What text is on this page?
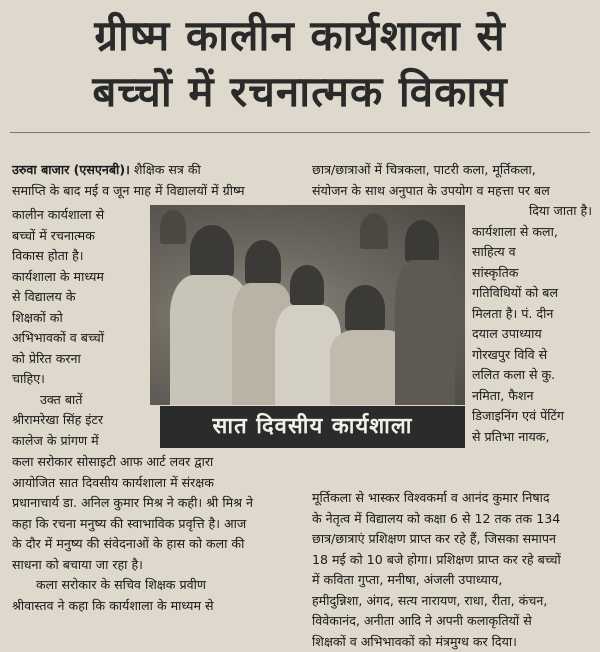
ग्रीष्म कालीन कार्यशाला से
बच्चों में रचनात्मक विकास

उरुवा बाजार (एसएनबी)। शैक्षिक सत्र की

समाप्ति के बाद मई व जून माह में विद्यालयों में ग्रीष्म

कालीन कार्यशाला से

बच्चों में रचनात्मक

विकास होता है।

कार्यशाला के माध्यम

से विद्यालय के

शिक्षकों को

अभिभावकों व बच्चों

को प्रेरित करना

चाहिए।

उक्त बातें

श्रीरामरेखा सिंह इंटर

कालेज के प्रांगण में

कला सरोकार सोसाइटी आफ आर्ट लवर द्वारा

आयोजित सात दिवसीय कार्यशाला में संरक्षक

प्रधानाचार्य डा. अनिल कुमार मिश्र ने कही। श्री मिश्र ने

कहा कि रचना मनुष्य की स्वाभाविक प्रवृत्ति है। आज

के दौर में मनुष्य की संवेदनाओं के हास को कला की

साधना को बचाया जा रहा है।

कला सरोकार के सचिव शिक्षक प्रवीण

श्रीवास्तव ने कहा कि कार्यशाला के माध्यम से

छात्र/छात्राओं में चित्रकला, पाटरी कला, मूर्तिकला,

संयोजन के साथ अनुपात के उपयोग व महत्ता पर बल

दिया जाता है।

कार्यशाला से कला,

साहित्य व

सांस्कृतिक

गतिविधियों को बल

मिलता है। पं. दीन

दयाल उपाध्याय

गोरखपुर विवि से

ललित कला से कु.

नमिता, फैशन

डिजाइनिंग एवं पेंटिंग

से प्रतिभा नायक,

मूर्तिकला से भास्कर विश्वकर्मा व आनंद कुमार निषाद

के नेतृत्व में विद्यालय को कक्षा 6 से 12 तक तक 134

छात्र/छात्राएं प्रशिक्षण प्राप्त कर रहे हैं, जिसका समापन

18 मई को 10 बजे होगा। प्रशिक्षण प्राप्त कर रहे बच्चों

में कविता गुप्ता, मनीषा, अंजली उपाध्याय,

हमीदुन्निशा, अंगद, सत्य नारायण, राधा, रीता, कंचन,

विवेकानंद, अनीता आदि ने अपनी कलाकृतियों से

शिक्षकों व अभिभावकों को मंत्रमुग्ध कर दिया।

सात दिवसीय कार्यशाला
